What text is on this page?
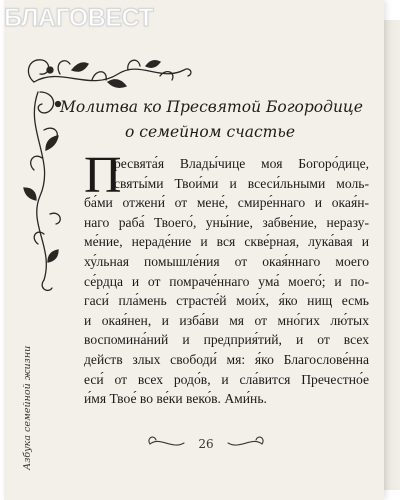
БЛАГОВЕСТ
Молитва ко Пресвятой Богородице
о семейном счастье
П
ресвята́я Влады́чице моя Богоро́дице,
святы́ми Твои́ми и всеси́льными моль-
ба́ми отжени́ от мене́, смире́ннаго и окая́н-
наго раба́ Твоего́, уны́ние, забве́ние, неразу-
ме́ние, нераде́ние и вся скве́рная, лука́вая и
ху́льная помышле́ния от окая́ннаго моего
се́рдца и от помраче́ннаго ума́ моего́; и по-
гаси́ пла́мень страсте́й мои́х, я́ко нищ есмь
и окая́нен, и изба́ви мя от мно́гих лю́тых
воспомина́ний и предприя́тий, и от всех
действ злых свободи́ мя: я́ко Благослове́нна
еси́ от всех родо́в, и сла́вится Пречестно́е
и́мя Твое́ во ве́ки веко́в. Ами́нь.
Азбука семейной жизни	26
